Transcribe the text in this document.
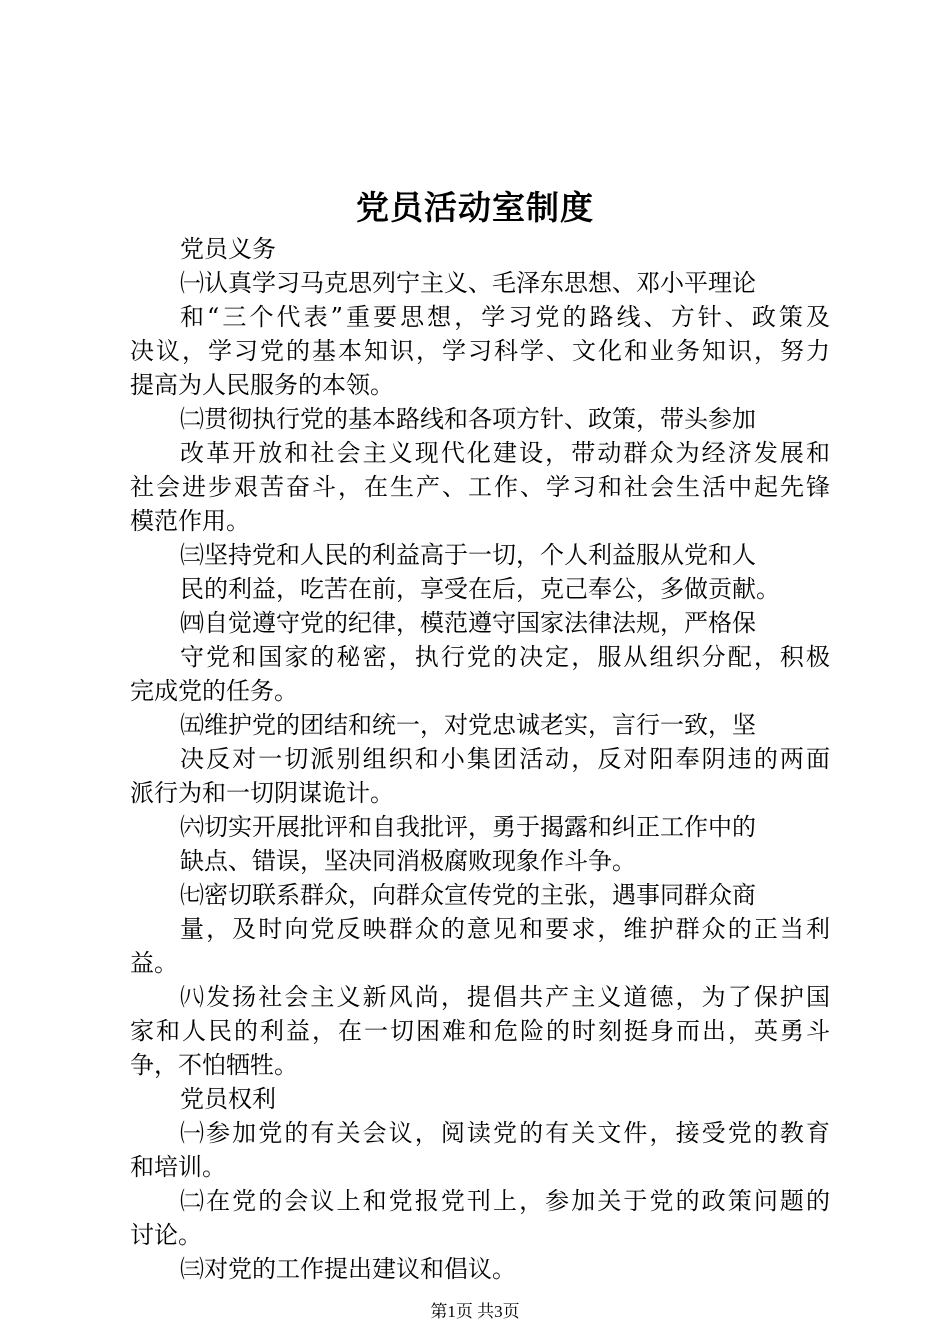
党员活动室制度
党员义务
㈠认真学习马克思列宁主义、毛泽东思想、邓小平理论
和“三个代表”重要思想，学习党的路线、方针、政策及
决议，学习党的基本知识，学习科学、文化和业务知识，努力
提高为人民服务的本领。
㈡贯彻执行党的基本路线和各项方针、政策，带头参加
改革开放和社会主义现代化建设，带动群众为经济发展和
社会进步艰苦奋斗，在生产、工作、学习和社会生活中起先锋
模范作用。
㈢坚持党和人民的利益高于一切，个人利益服从党和人
民的利益，吃苦在前，享受在后，克己奉公，多做贡献。
㈣自觉遵守党的纪律，模范遵守国家法律法规，严格保
守党和国家的秘密，执行党的决定，服从组织分配，积极
完成党的任务。
㈤维护党的团结和统一，对党忠诚老实，言行一致，坚
决反对一切派别组织和小集团活动，反对阳奉阴违的两面
派行为和一切阴谋诡计。
㈥切实开展批评和自我批评，勇于揭露和纠正工作中的
缺点、错误，坚决同消极腐败现象作斗争。
㈦密切联系群众，向群众宣传党的主张，遇事同群众商
量，及时向党反映群众的意见和要求，维护群众的正当利
益。
㈧发扬社会主义新风尚，提倡共产主义道德，为了保护国
家和人民的利益，在一切困难和危险的时刻挺身而出，英勇斗
争，不怕牺牲。
党员权利
㈠参加党的有关会议，阅读党的有关文件，接受党的教育
和培训。
㈡在党的会议上和党报党刊上，参加关于党的政策问题的
讨论。
㈢对党的工作提出建议和倡议。
第1页 共3页
